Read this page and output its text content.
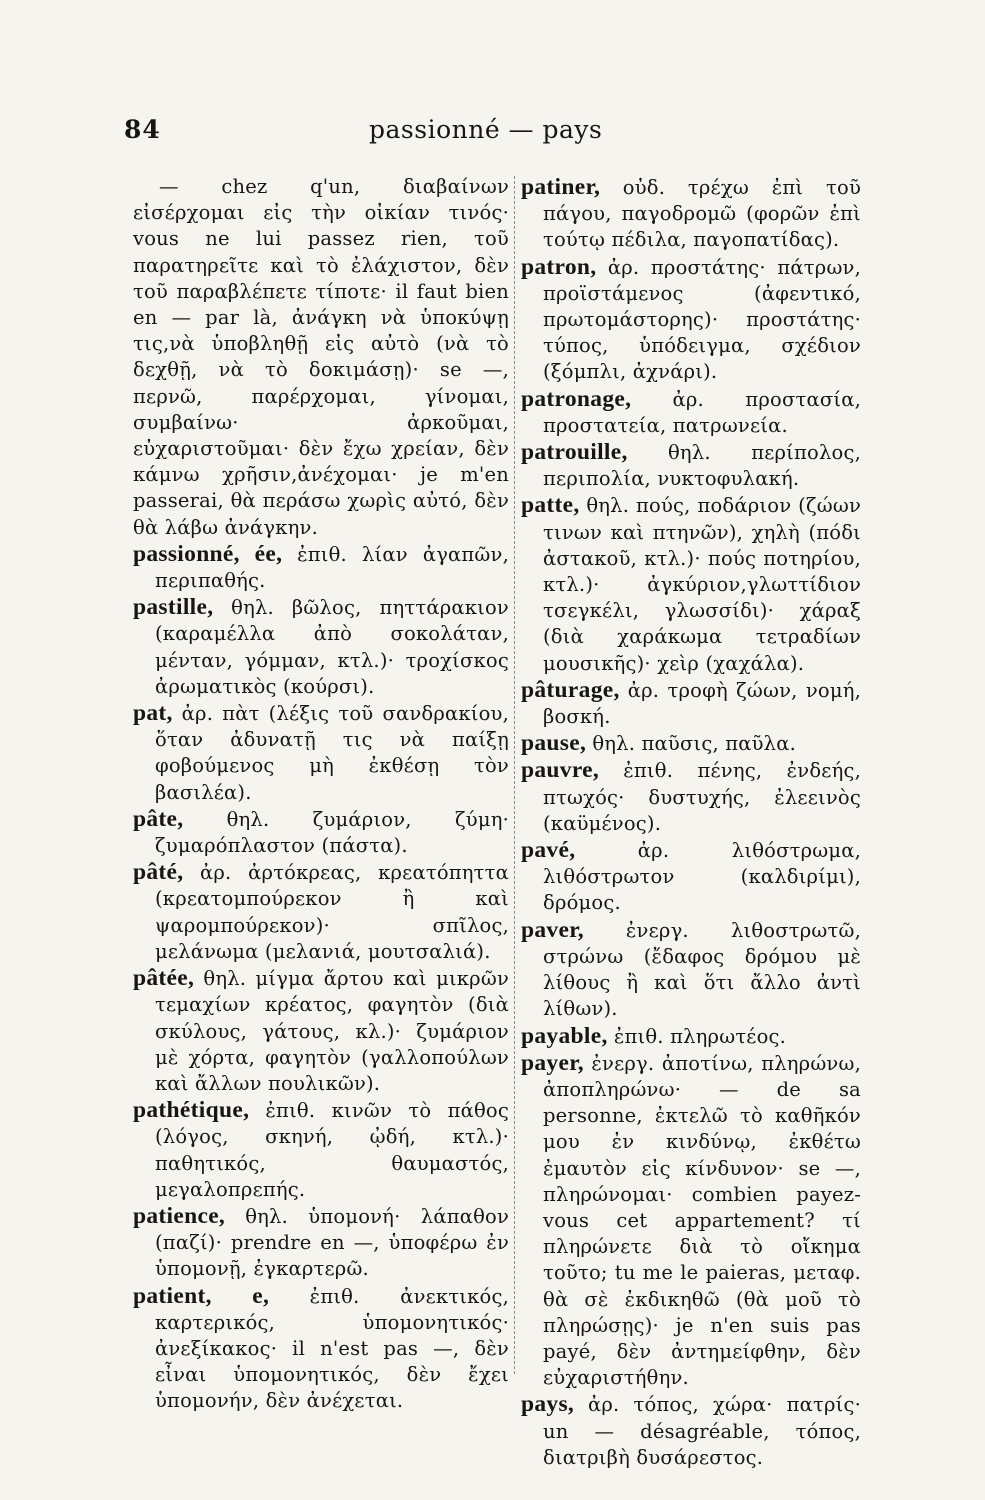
84	passionné — pays

— chez q'un, διαβαίνων εἰσέρχομαι εἰς τὴν οἰκίαν τινός· vous ne lui passez rien, τοῦ παρατηρεῖτε καὶ τὸ ἐλάχιστον, δὲν τοῦ παραβλέπετε τίποτε· il faut bien en — par là, ἀνάγκη νὰ ὑποκύψῃ τις,νὰ ὑποβληθῇ εἰς αὐτὸ (νὰ τὸ δεχθῇ, νὰ τὸ δοκιμάσῃ)· se —, περνῶ, παρέρχομαι, γίνομαι, συμβαίνω· ἀρκοῦμαι, εὐχαριστοῦμαι· δὲν ἔχω χρείαν, δὲν κάμνω χρῆσιν,ἀνέχομαι· je m'en passerai, θὰ περάσω χωρὶς αὐτό, δὲν θὰ λάβω ἀνάγκην.

passionné, ée, ἐπιθ. λίαν ἀγαπῶν, περιπαθής.

pastille, θηλ. βῶλος, πηττάρακιον (καραμέλλα ἀπὸ σοκολάταν, μένταν, γόμμαν, κτλ.)· τροχίσκος ἀρωματικὸς (κούρσι).

pat, ἀρ. πὰτ (λέξις τοῦ σανδρακίου, ὅταν ἀδυνατῇ τις νὰ παίξῃ φοβούμενος μὴ ἐκθέσῃ τὸν βασιλέα).

pâte, θηλ. ζυμάριον, ζύμη· ζυμαρόπλαστον (πάστα).

pâté, ἀρ. ἀρτόκρεας, κρεατόπηττα (κρεατομπούρεκον ἢ καὶ ψαρομπούρεκον)· σπῖλος, μελάνωμα (μελανιά, μουτσαλιά).

pâtée, θηλ. μίγμα ἄρτου καὶ μικρῶν τεμαχίων κρέατος, φαγητὸν (διὰ σκύλους, γάτους, κλ.)· ζυμάριον μὲ χόρτα, φαγητὸν (γαλλοπούλων καὶ ἄλλων πουλικῶν).

pathétique, ἐπιθ. κινῶν τὸ πάθος (λόγος, σκηνή, ᾠδή, κτλ.)· παθητικός, θαυμαστός, μεγαλοπρεπής.

patience, θηλ. ὑπομονή· λάπαθον (παζί)· prendre en —, ὑποφέρω ἐν ὑπομονῇ, ἐγκαρτερῶ.

patient, e, ἐπιθ. ἀνεκτικός, καρτερικός, ὑπομονητικός· ἀνεξίκακος· il n'est pas —, δὲν εἶναι ὑπομονητικός, δὲν ἔχει ὑπομονήν, δὲν ἀνέχεται.

patiner, οὐδ. τρέχω ἐπὶ τοῦ πάγου, παγοδρομῶ (φορῶν ἐπὶ τούτῳ πέδιλα, παγοπατίδας).

patron, ἀρ. προστάτης· πάτρων, προϊστάμενος (ἀφεντικό, πρωτομάστορης)· προστάτης· τύπος, ὑπόδειγμα, σχέδιον (ξόμπλι, ἀχνάρι).

patronage, ἀρ. προστασία, προστατεία, πατρωνεία.

patrouille, θηλ. περίπολος, περιπολία, νυκτοφυλακή.

patte, θηλ. πούς, ποδάριον (ζώων τινων καὶ πτηνῶν), χηλὴ (πόδι ἀστακοῦ, κτλ.)· πούς ποτηρίου, κτλ.)· ἀγκύριον,γλωττίδιον τσεγκέλι, γλωσσίδι)· χάραξ (διὰ χαράκωμα τετραδίων μουσικῆς)· χεὶρ (χαχάλα).

pâturage, ἀρ. τροφὴ ζώων, νομή, βοσκή.

pause, θηλ. παῦσις, παῦλα.

pauvre, ἐπιθ. πένης, ἐνδεής, πτωχός· δυστυχής, ἐλεεινὸς (καϋμένος).

pavé,	ἀρ. λιθόστρωμα, λιθόστρωτον (καλδιρίμι), δρόμος.

paver, ἐνεργ. λιθοστρωτῶ, στρώνω (ἔδαφος δρόμου μὲ λίθους ἢ καὶ ὅτι ἄλλο ἀντὶ λίθων).

payable, ἐπιθ. πληρωτέος.

payer, ἐνεργ. ἀποτίνω, πληρώνω, ἀποπληρώνω· — de sa personne, ἐκτελῶ τὸ καθῆκόν μου ἐν κινδύνῳ, ἐκθέτω ἐμαυτὸν εἰς κίνδυνον· se —, πληρώνομαι· combien payez-vous cet appartement? τί πληρώνετε διὰ τὸ οἴκημα τοῦτο; tu me le paieras, μεταφ. θὰ σὲ ἐκδικηθῶ (θὰ μοῦ τὸ πληρώσῃς)· je n'en suis pas payé, δὲν ἀντημείφθην, δὲν εὐχαριστήθην.

pays, ἀρ. τόπος, χώρα· πατρίς· un — désagréable, τόπος, διατριβὴ δυσάρεστος.
